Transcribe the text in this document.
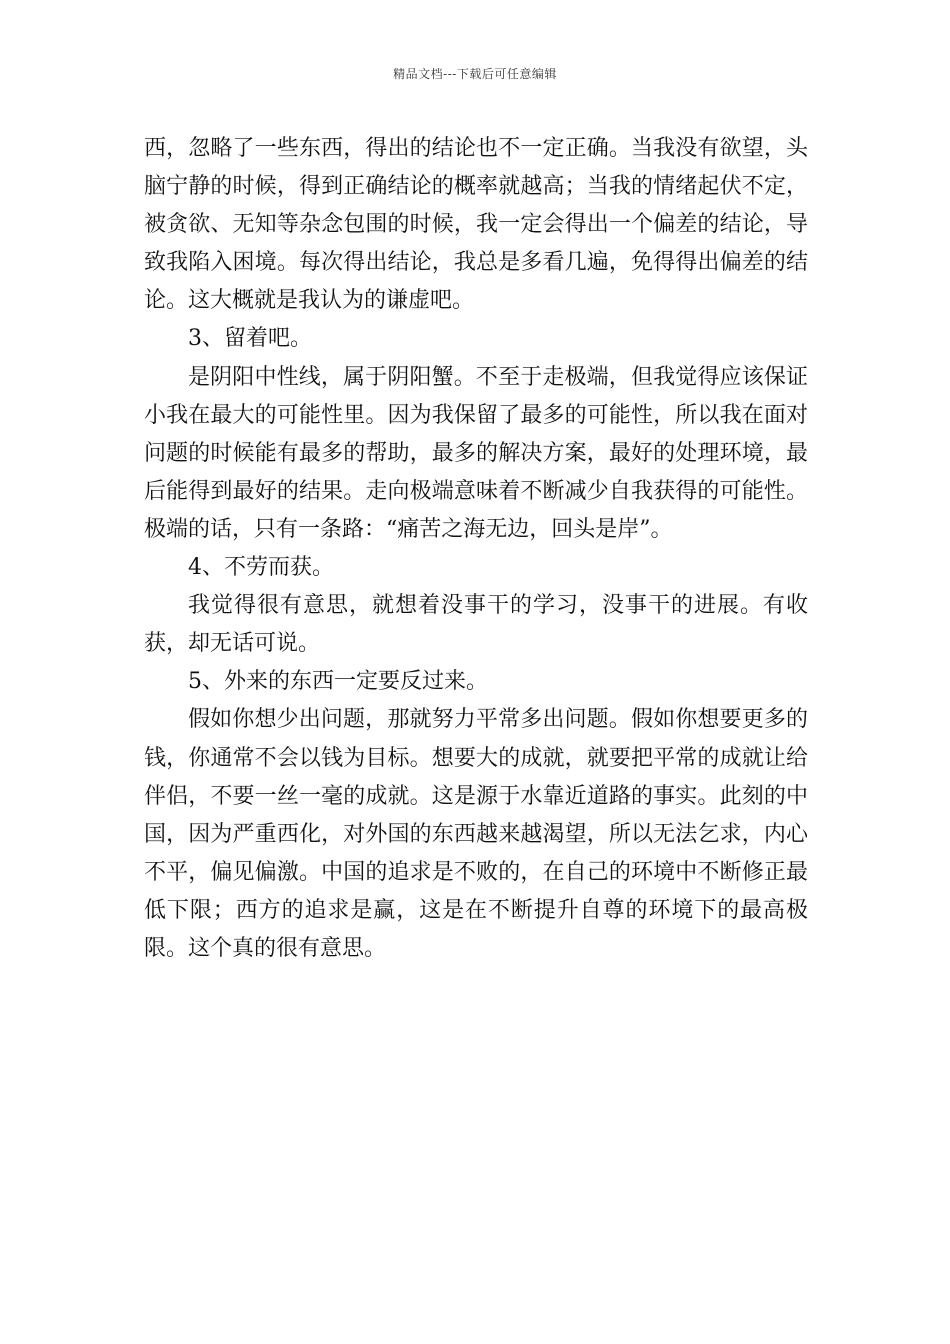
精品文档---下载后可任意编辑

西，忽略了一些东西，得出的结论也不一定正确。当我没有欲望，头脑宁静的时候，得到正确结论的概率就越高；当我的情绪起伏不定，被贪欲、无知等杂念包围的时候，我一定会得出一个偏差的结论，导致我陷入困境。每次得出结论，我总是多看几遍，免得得出偏差的结论。这大概就是我认为的谦虚吧。

3、留着吧。

是阴阳中性线，属于阴阳蟹。不至于走极端，但我觉得应该保证小我在最大的可能性里。因为我保留了最多的可能性，所以我在面对问题的时候能有最多的帮助，最多的解决方案，最好的处理环境，最后能得到最好的结果。走向极端意味着不断减少自我获得的可能性。极端的话，只有一条路：“痛苦之海无边，回头是岸”。

4、不劳而获。

我觉得很有意思，就想着没事干的学习，没事干的进展。有收获，却无话可说。

5、外来的东西一定要反过来。

假如你想少出问题，那就努力平常多出问题。假如你想要更多的钱，你通常不会以钱为目标。想要大的成就，就要把平常的成就让给伴侣，不要一丝一毫的成就。这是源于水靠近道路的事实。此刻的中国，因为严重西化，对外国的东西越来越渴望，所以无法乞求，内心不平，偏见偏激。中国的追求是不败的，在自己的环境中不断修正最低下限；西方的追求是赢，这是在不断提升自尊的环境下的最高极限。这个真的很有意思。
